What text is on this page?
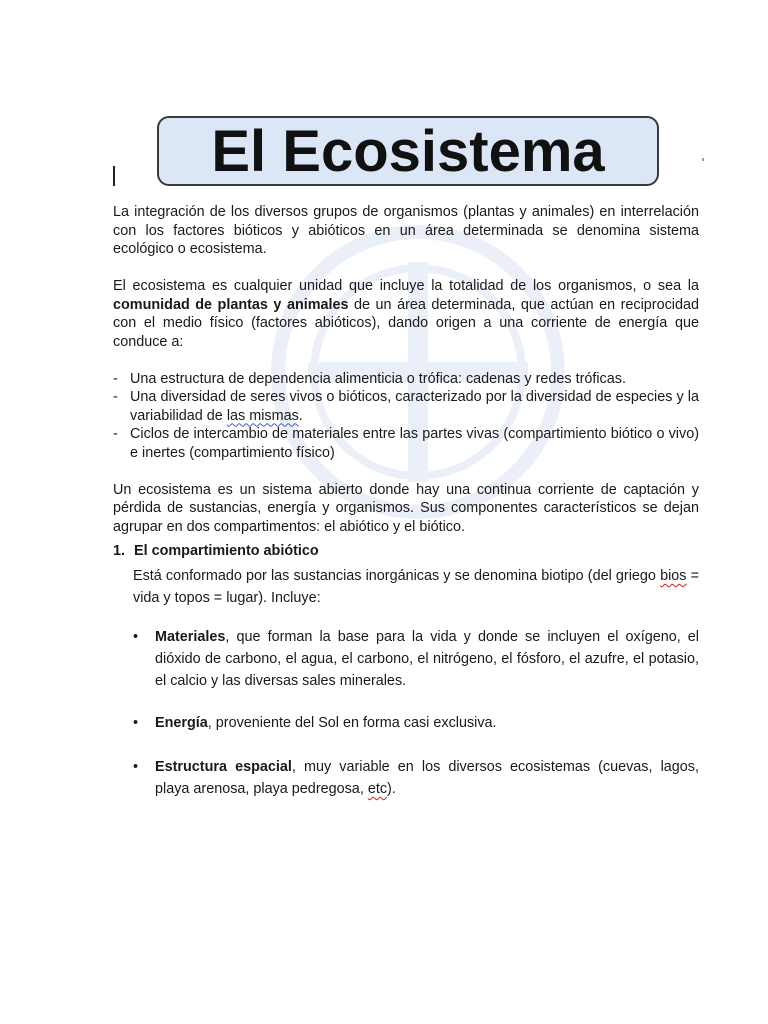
El Ecosistema

La integración de los diversos grupos de organismos (plantas y animales) en interrelación con los factores bióticos y abióticos en un área determinada se denomina sistema ecológico o ecosistema.

El ecosistema es cualquier unidad que incluye la totalidad de los organismos, o sea la comunidad de plantas y animales de un área determinada, que actúan en reciprocidad con el medio físico (factores abióticos), dando origen a una corriente de energía que conduce a:

- Una estructura de dependencia alimenticia o trófica: cadenas y redes tróficas.
- Una diversidad de seres vivos o bióticos, caracterizado por la diversidad de especies y la variabilidad de las mismas.
- Ciclos de intercambio de materiales entre las partes vivas (compartimiento biótico o vivo) e inertes (compartimiento físico)

Un ecosistema es un sistema abierto donde hay una continua corriente de captación y pérdida de sustancias, energía y organismos. Sus componentes característicos se dejan agrupar en dos compartimentos: el abiótico y el biótico.

1. El compartimiento abiótico
Está conformado por las sustancias inorgánicas y se denomina biotipo (del griego bios = vida y topos = lugar). Incluye:
• Materiales, que forman la base para la vida y donde se incluyen el oxígeno, el dióxido de carbono, el agua, el carbono, el nitrógeno, el fósforo, el azufre, el potasio, el calcio y las diversas sales minerales.
• Energía, proveniente del Sol en forma casi exclusiva.
• Estructura espacial, muy variable en los diversos ecosistemas (cuevas, lagos, playa arenosa, playa pedregosa, etc).
